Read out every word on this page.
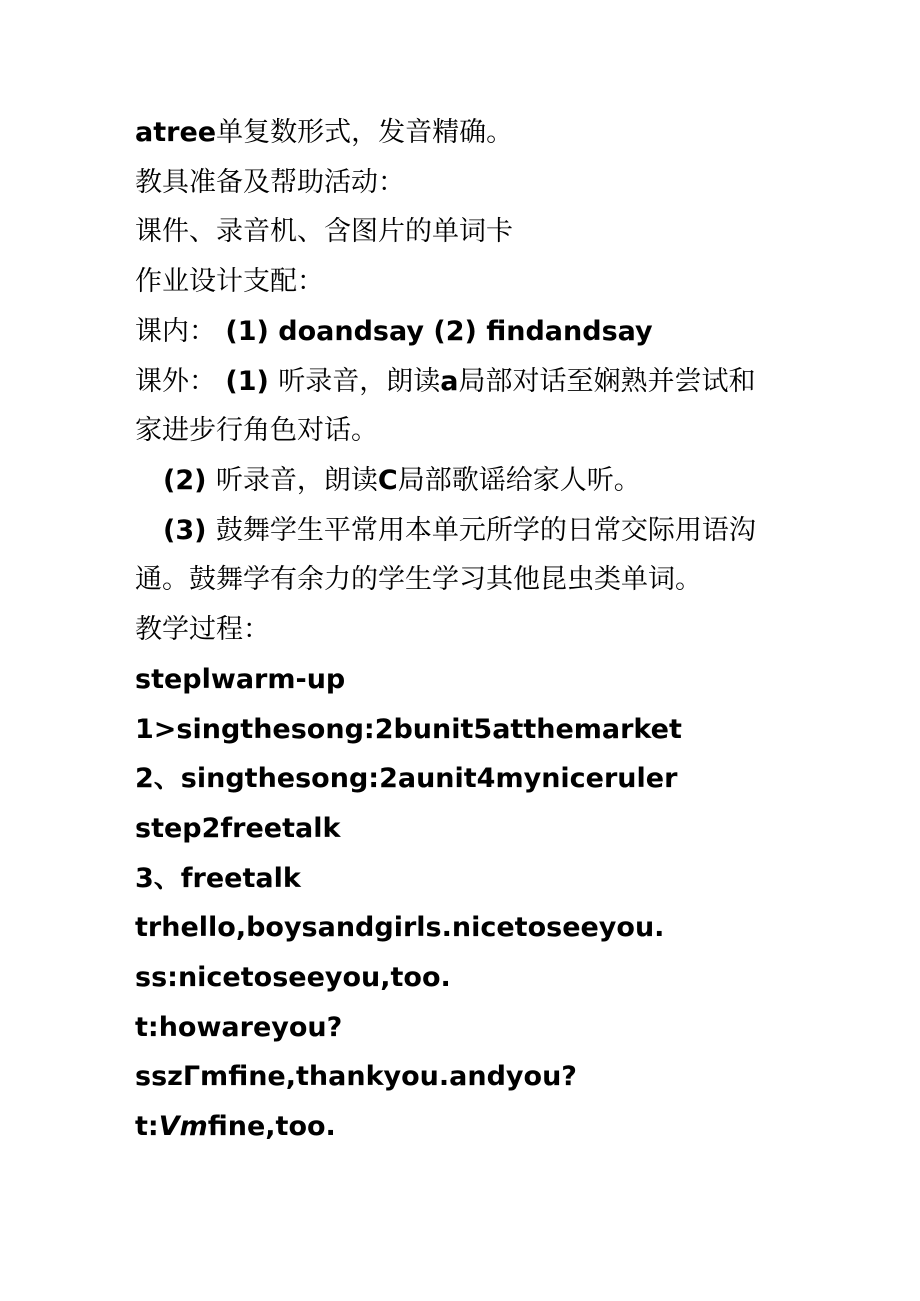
atree单复数形式，发音精确。
教具准备及帮助活动：
课件、录音机、含图片的单词卡
作业设计支配：
课内： (1) doandsay (2) findandsay
课外： (1) 听录音，朗读a局部对话至娴熟并尝试和
家进步行角色对话。
(2) 听录音，朗读C局部歌谣给家人听。
(3) 鼓舞学生平常用本单元所学的日常交际用语沟
通。鼓舞学有余力的学生学习其他昆虫类单词。
教学过程：
steplwarm-up
1>singthesong:2bunit5atthemarket
2、singthesong:2aunit4myniceruler
step2freetalk
3、freetalk
trhello,boysandgirls.nicetoseeyou.
ss:nicetoseeyou,too.
t:howareyou?
sszΓmfine,thankyou.andyou?
t:Vmfine,too.
